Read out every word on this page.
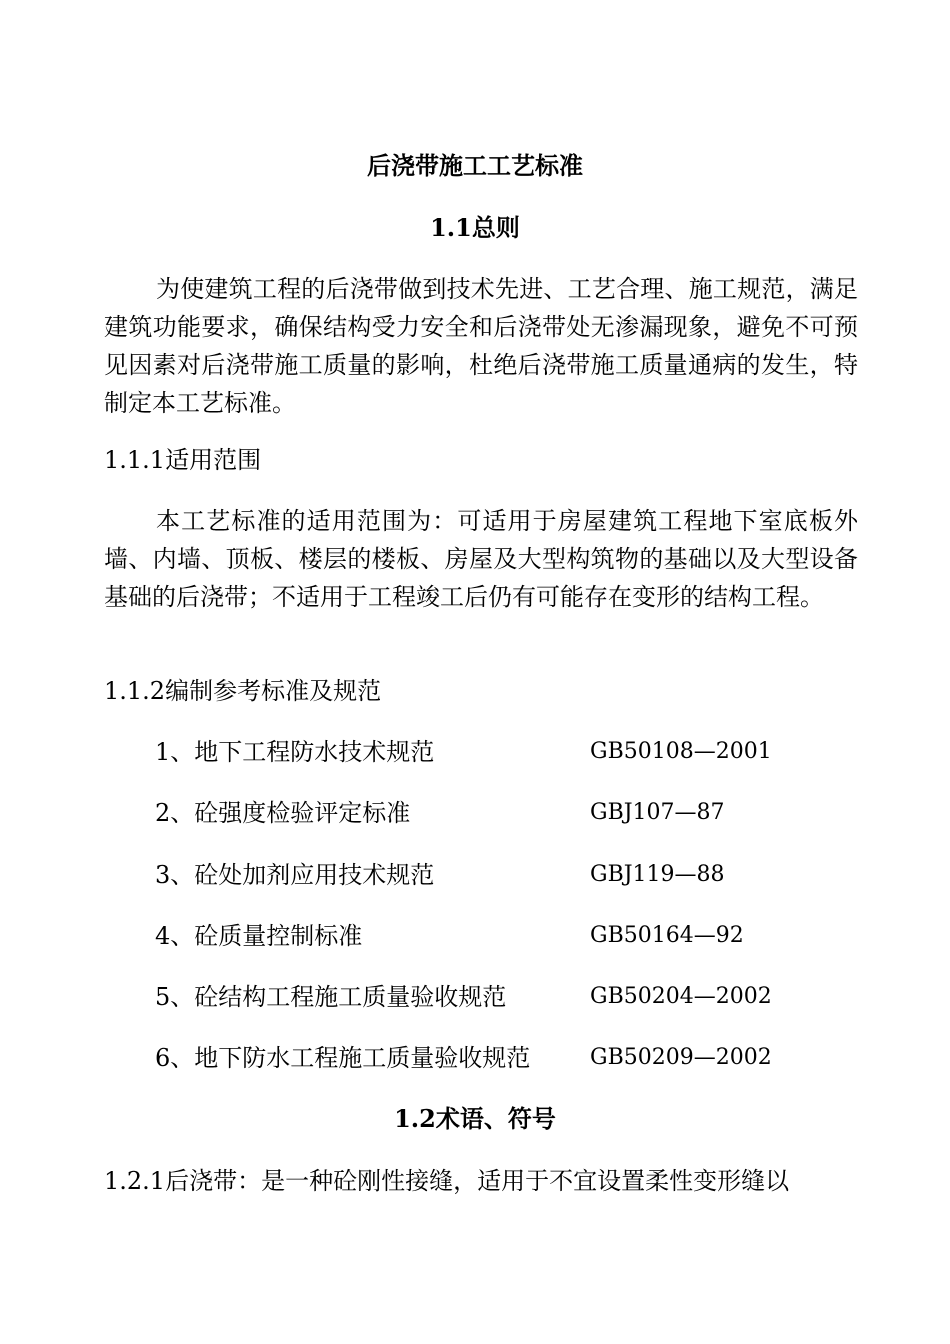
后浇带施工工艺标准
1.1总则
为使建筑工程的后浇带做到技术先进、工艺合理、施工规范，满足建筑功能要求，确保结构受力安全和后浇带处无渗漏现象，避免不可预见因素对后浇带施工质量的影响，杜绝后浇带施工质量通病的发生，特制定本工艺标准。
1.1.1适用范围
本工艺标准的适用范围为：可适用于房屋建筑工程地下室底板外墙、内墙、顶板、楼层的楼板、房屋及大型构筑物的基础以及大型设备基础的后浇带；不适用于工程竣工后仍有可能存在变形的结构工程。
1.1.2编制参考标准及规范
1、地下工程防水技术规范	GB50108—2001
2、砼强度检验评定标准	GBJ107—87
3、砼处加剂应用技术规范	GBJ119—88
4、砼质量控制标准	GB50164—92
5、砼结构工程施工质量验收规范	GB50204—2002
6、地下防水工程施工质量验收规范	GB50209—2002
1.2术语、符号
1.2.1后浇带：是一种砼刚性接缝，适用于不宜设置柔性变形缝以
